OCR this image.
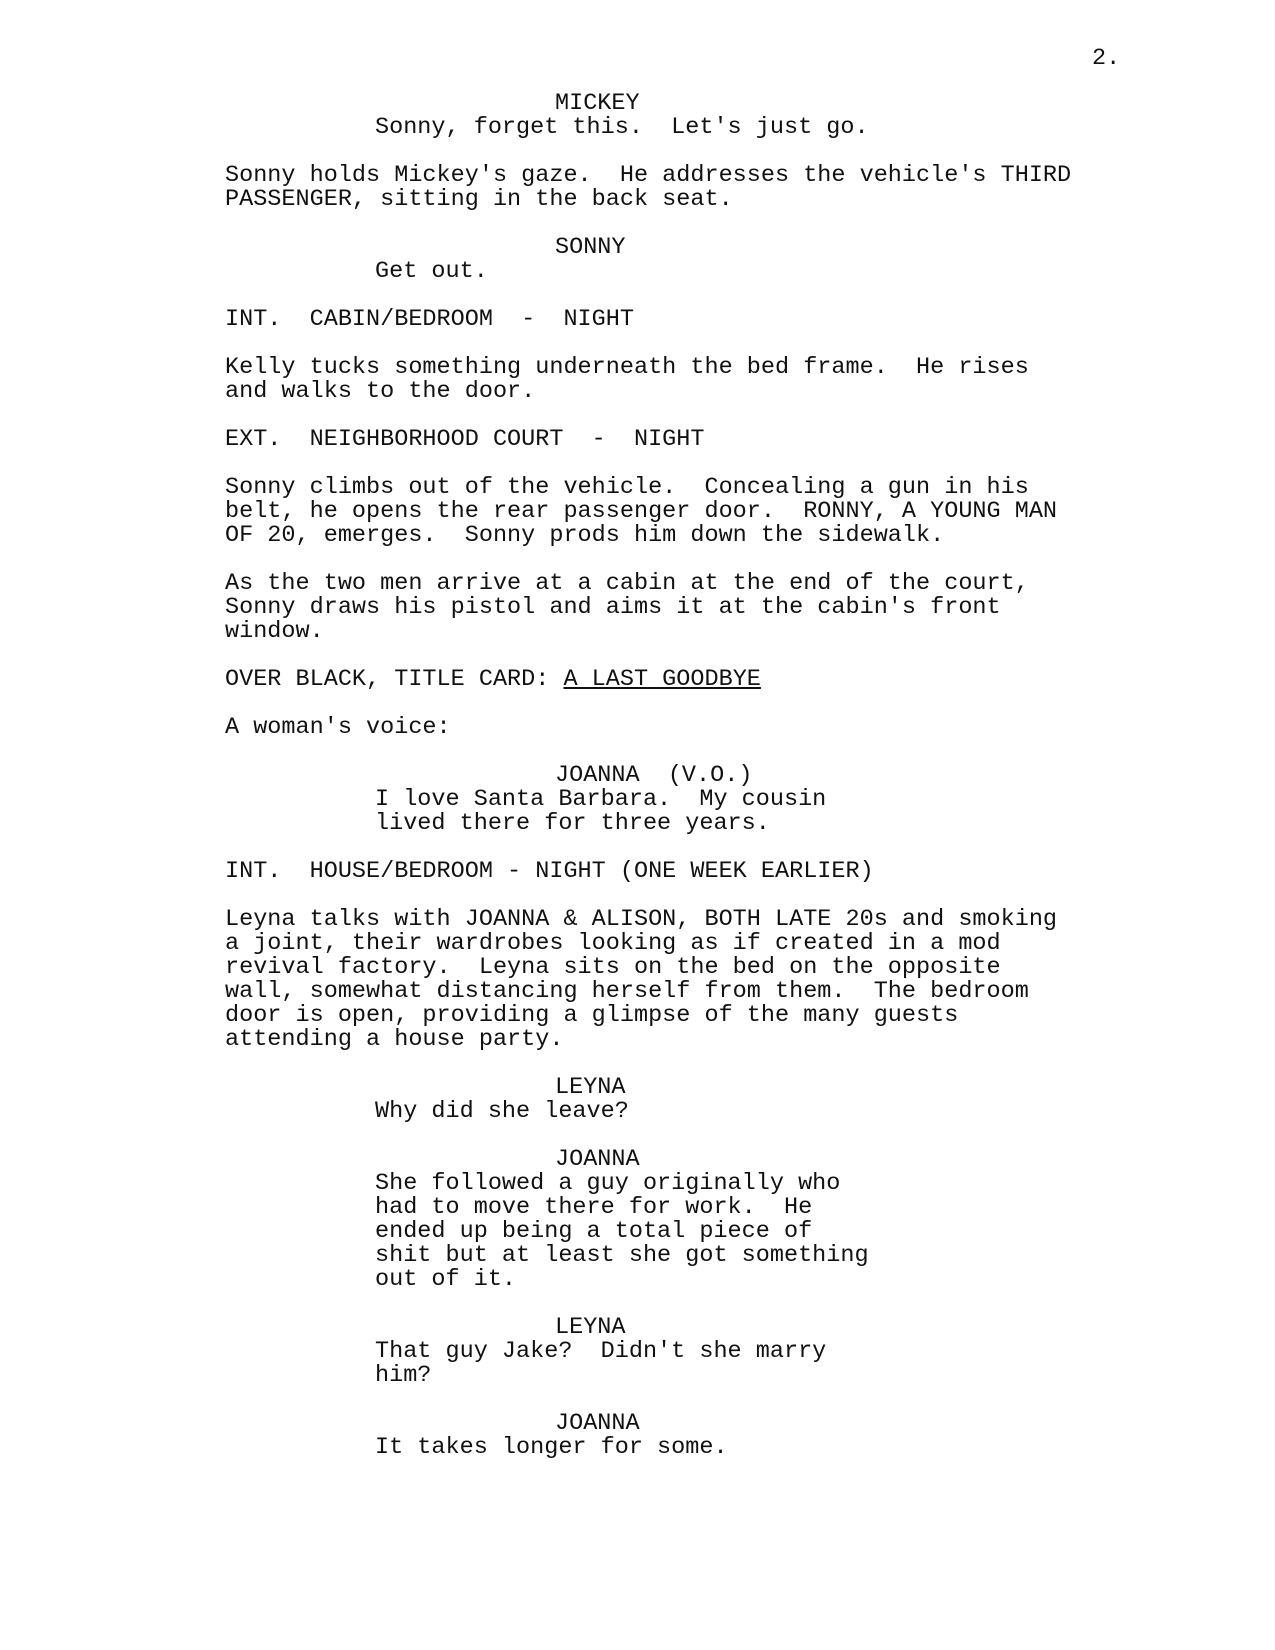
2.
MICKEY
Sonny, forget this.  Let's just go.
Sonny holds Mickey's gaze.  He addresses the vehicle's THIRD
PASSENGER, sitting in the back seat.
SONNY
Get out.
INT.  CABIN/BEDROOM  -  NIGHT
Kelly tucks something underneath the bed frame.  He rises
and walks to the door.
EXT.  NEIGHBORHOOD COURT  -  NIGHT
Sonny climbs out of the vehicle.  Concealing a gun in his
belt, he opens the rear passenger door.  RONNY, A YOUNG MAN
OF 20, emerges.  Sonny prods him down the sidewalk.
As the two men arrive at a cabin at the end of the court,
Sonny draws his pistol and aims it at the cabin's front
window.
OVER BLACK, TITLE CARD: A LAST GOODBYE
A woman's voice:
JOANNA  (V.O.)
I love Santa Barbara.  My cousin
lived there for three years.
INT.  HOUSE/BEDROOM - NIGHT (ONE WEEK EARLIER)
Leyna talks with JOANNA & ALISON, BOTH LATE 20s and smoking
a joint, their wardrobes looking as if created in a mod
revival factory.  Leyna sits on the bed on the opposite
wall, somewhat distancing herself from them.  The bedroom
door is open, providing a glimpse of the many guests
attending a house party.
LEYNA
Why did she leave?
JOANNA
She followed a guy originally who
had to move there for work.  He
ended up being a total piece of
shit but at least she got something
out of it.
LEYNA
That guy Jake?  Didn't she marry
him?
JOANNA
It takes longer for some.
